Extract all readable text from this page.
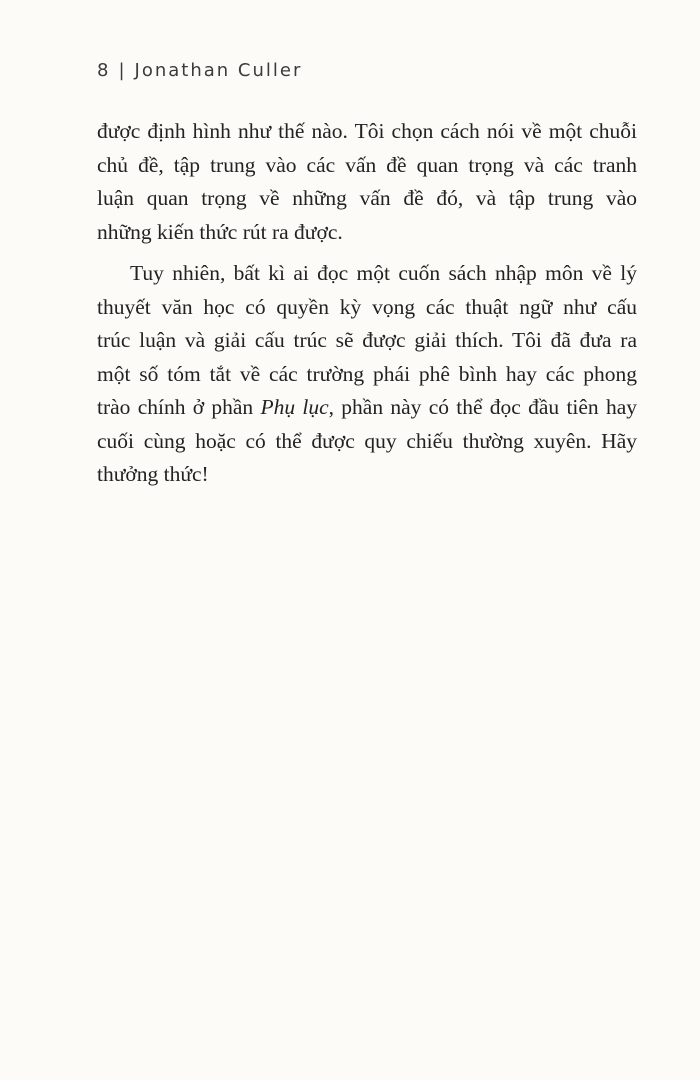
8 | Jonathan Culler
được định hình như thế nào. Tôi chọn cách nói về một chuỗi
chủ đề, tập trung vào các vấn đề quan trọng và các tranh
luận quan trọng về những vấn đề đó, và tập trung vào
những kiến thức rút ra được.
Tuy nhiên, bất kì ai đọc một cuốn sách nhập môn về lý
thuyết văn học có quyền kỳ vọng các thuật ngữ như cấu
trúc luận và giải cấu trúc sẽ được giải thích. Tôi đã đưa ra
một số tóm tắt về các trường phái phê bình hay các phong
trào chính ở phần Phụ lục, phần này có thể đọc đầu tiên hay
cuối cùng hoặc có thể được quy chiếu thường xuyên. Hãy
thưởng thức!
